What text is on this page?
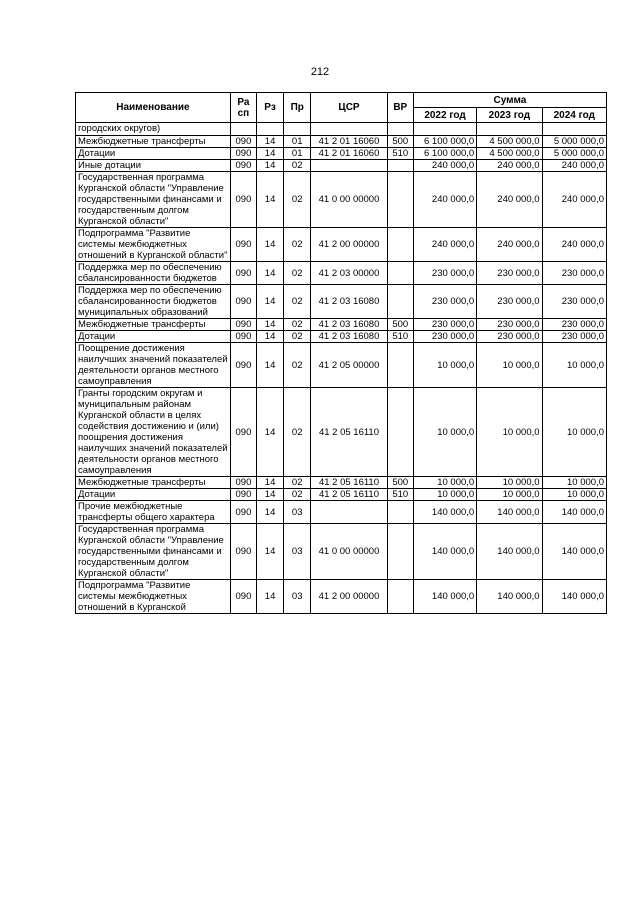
212
Наименование	Ра сп	Рз	Пр	ЦСР	ВР	Сумма		
						2022 год	2023 год	2024 год
городских округов)								
Межбюджетные трансферты	090	14	01	41 2 01 16060	500	6 100 000,0	4 500 000,0	5 000 000,0
Дотации	090	14	01	41 2 01 16060	510	6 100 000,0	4 500 000,0	5 000 000,0
Иные дотации	090	14	02			240 000,0	240 000,0	240 000,0
Государственная программа Курганской области "Управление государственными финансами и государственным долгом Курганской области"	090	14	02	41 0 00 00000		240 000,0	240 000,0	240 000,0
Подпрограмма "Развитие системы межбюджетных отношений в Курганской области"	090	14	02	41 2 00 00000		240 000,0	240 000,0	240 000,0
Поддержка мер по обеспечению сбалансированности бюджетов	090	14	02	41 2 03 00000		230 000,0	230 000,0	230 000,0
Поддержка мер по обеспечению сбалансированности бюджетов муниципальных образований	090	14	02	41 2 03 16080		230 000,0	230 000,0	230 000,0
Межбюджетные трансферты	090	14	02	41 2 03 16080	500	230 000,0	230 000,0	230 000,0
Дотации	090	14	02	41 2 03 16080	510	230 000,0	230 000,0	230 000,0
Поощрение достижения наилучших значений показателей деятельности органов местного самоуправления	090	14	02	41 2 05 00000		10 000,0	10 000,0	10 000,0
Гранты городским округам и муниципальным районам Курганской области в целях содействия достижению и (или) поощрения достижения наилучших значений показателей деятельности органов местного самоуправления	090	14	02	41 2 05 16110		10 000,0	10 000,0	10 000,0
Межбюджетные трансферты	090	14	02	41 2 05 16110	500	10 000,0	10 000,0	10 000,0
Дотации	090	14	02	41 2 05 16110	510	10 000,0	10 000,0	10 000,0
Прочие межбюджетные трансферты общего характера	090	14	03			140 000,0	140 000,0	140 000,0
Государственная программа Курганской области "Управление государственными финансами и государственным долгом Курганской области"	090	14	03	41 0 00 00000		140 000,0	140 000,0	140 000,0
Подпрограмма "Развитие системы межбюджетных отношений в Курганской	090	14	03	41 2 00 00000		140 000,0	140 000,0	140 000,0
